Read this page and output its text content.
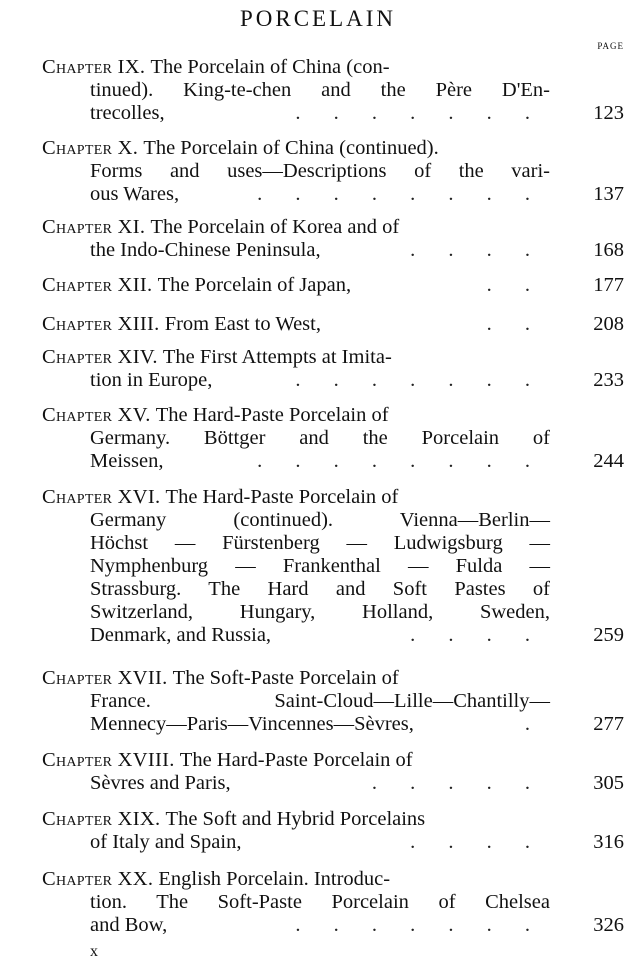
PORCELAIN
PAGE
Chapter IX. The Porcelain of China (con-
tinued). King-te-chen and the Père D'En-
trecolles,	. . . . . . .	123
Chapter X. The Porcelain of China (continued).
Forms and uses—Descriptions of the vari-
ous Wares,	. . . . . . . .	137
Chapter XI. The Porcelain of Korea and of
the Indo-Chinese Peninsula,	. . . .	168
Chapter XII. The Porcelain of Japan,	. .	177
Chapter XIII. From East to West,	. .	208
Chapter XIV. The First Attempts at Imita-
tion in Europe,	. . . . . . .	233
Chapter XV. The Hard-Paste Porcelain of
Germany. Böttger and the Porcelain of
Meissen,	. . . . . . . .	244
Chapter XVI. The Hard-Paste Porcelain of
Germany (continued). Vienna—Berlin—
Höchst — Fürstenberg — Ludwigsburg —
Nymphenburg — Frankenthal — Fulda —
Strassburg. The Hard and Soft Pastes of
Switzerland, Hungary, Holland, Sweden,
Denmark, and Russia,	. . . .	259
Chapter XVII. The Soft-Paste Porcelain of
France. Saint-Cloud—Lille—Chantilly—
Mennecy—Paris—Vincennes—Sèvres,	.	277
Chapter XVIII. The Hard-Paste Porcelain of
Sèvres and Paris,	. . . . .	305
Chapter XIX. The Soft and Hybrid Porcelains
of Italy and Spain,	. . . .	316
Chapter XX. English Porcelain. Introduc-
tion. The Soft-Paste Porcelain of Chelsea
and Bow,	. . . . . . .	326
x
